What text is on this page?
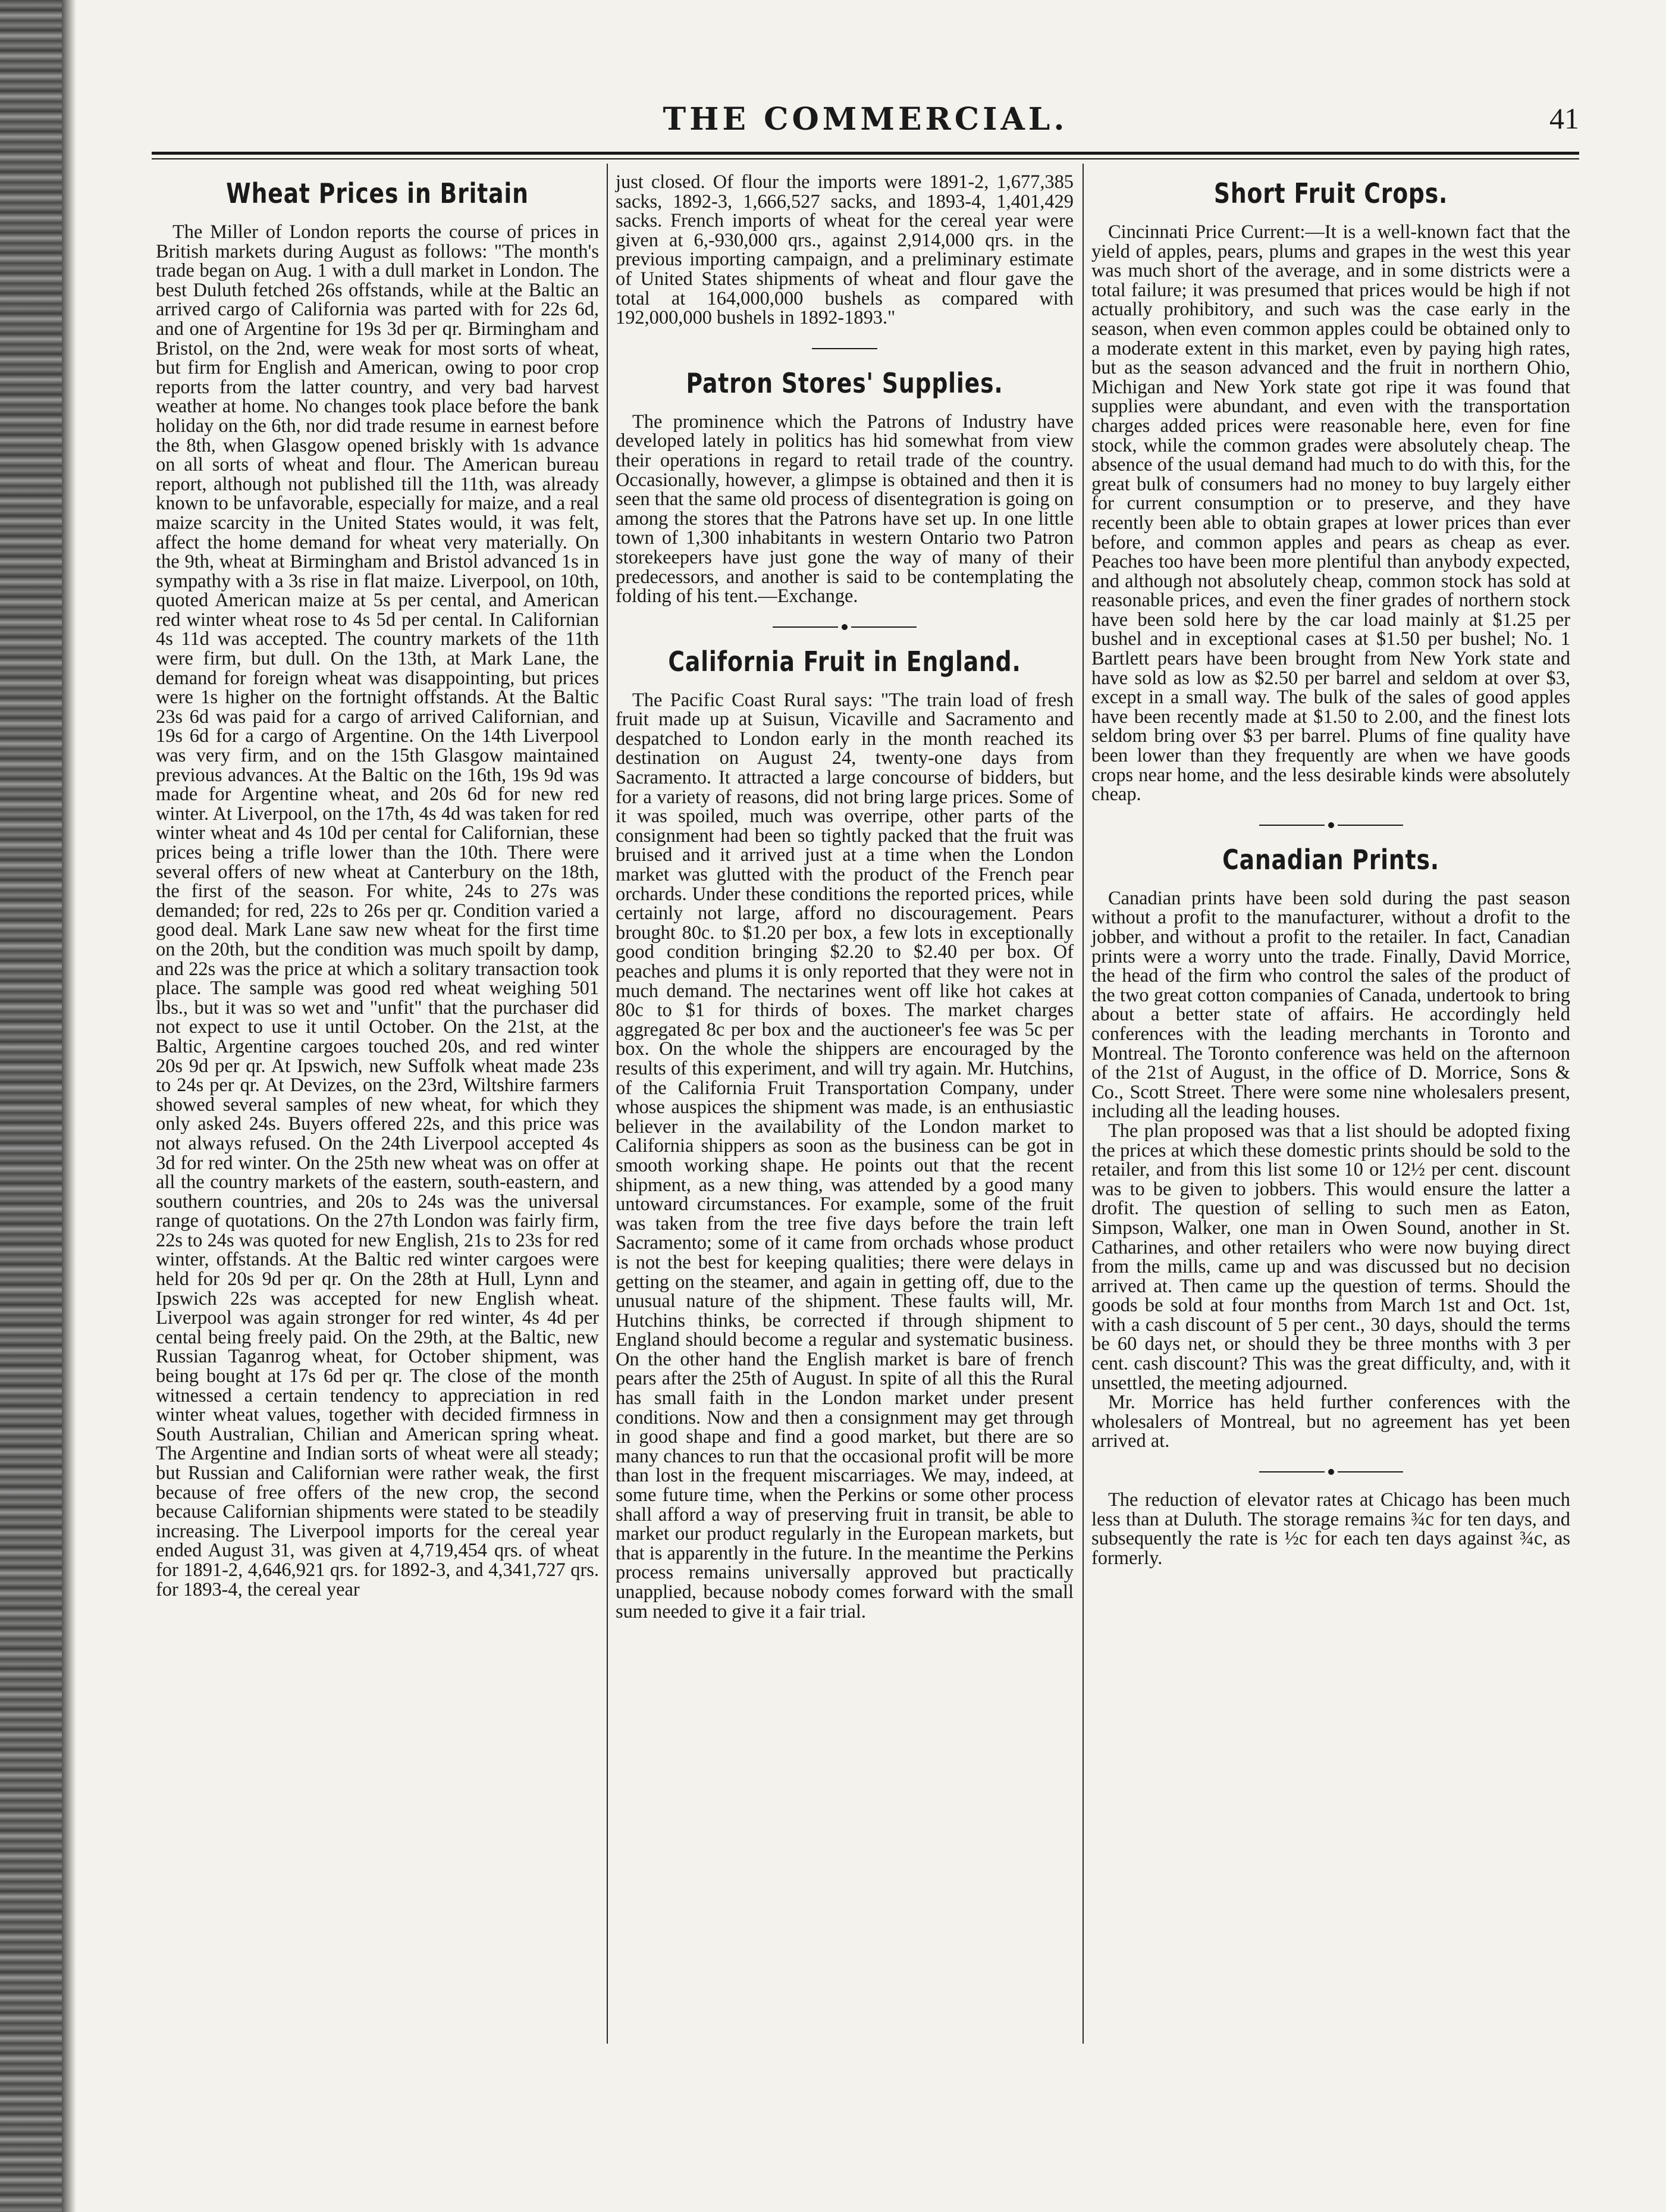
THE COMMERCIAL.	41
Wheat Prices in Britain

The Miller of London reports the course of prices in British markets during August as follows: "The month's trade began on Aug. 1 with a dull market in London. The best Duluth fetched 26s offstands, while at the Baltic an arrived cargo of California was parted with for 22s 6d, and one of Argentine for 19s 3d per qr. Birmingham and Bristol, on the 2nd, were weak for most sorts of wheat, but firm for English and American, owing to poor crop reports from the latter country, and very bad harvest weather at home. No changes took place before the bank holiday on the 6th, nor did trade resume in earnest before the 8th, when Glasgow opened briskly with 1s advance on all sorts of wheat and flour. The American bureau report, although not published till the 11th, was already known to be unfavorable, especially for maize, and a real maize scarcity in the United States would, it was felt, affect the home demand for wheat very materially. On the 9th, wheat at Birmingham and Bristol advanced 1s in sympathy with a 3s rise in flat maize. Liverpool, on 10th, quoted American maize at 5s per cental, and American red winter wheat rose to 4s 5d per cental. In Californian 4s 11d was accepted. The country markets of the 11th were firm, but dull. On the 13th, at Mark Lane, the demand for foreign wheat was disappointing, but prices were 1s higher on the fortnight offstands. At the Baltic 23s 6d was paid for a cargo of arrived Californian, and 19s 6d for a cargo of Argentine. On the 14th Liverpool was very firm, and on the 15th Glasgow maintained previous advances. At the Baltic on the 16th, 19s 9d was made for Argentine wheat, and 20s 6d for new red winter. At Liverpool, on the 17th, 4s 4d was taken for red winter wheat and 4s 10d per cental for Californian, these prices being a trifle lower than the 10th. There were several offers of new wheat at Canterbury on the 18th, the first of the season. For white, 24s to 27s was demanded; for red, 22s to 26s per qr. Condition varied a good deal. Mark Lane saw new wheat for the first time on the 20th, but the condition was much spoilt by damp, and 22s was the price at which a solitary transaction took place. The sample was good red wheat weighing 501 lbs., but it was so wet and "unfit" that the purchaser did not expect to use it until October. On the 21st, at the Baltic, Argentine cargoes touched 20s, and red winter 20s 9d per qr. At Ipswich, new Suffolk wheat made 23s to 24s per qr. At Devizes, on the 23rd, Wiltshire farmers showed several samples of new wheat, for which they only asked 24s. Buyers offered 22s, and this price was not always refused. On the 24th Liverpool accepted 4s 3d for red winter. On the 25th new wheat was on offer at all the country markets of the eastern, south-eastern, and southern countries, and 20s to 24s was the universal range of quotations. On the 27th London was fairly firm, 22s to 24s was quoted for new English, 21s to 23s for red winter, offstands. At the Baltic red winter cargoes were held for 20s 9d per qr. On the 28th at Hull, Lynn and Ipswich 22s was accepted for new English wheat. Liverpool was again stronger for red winter, 4s 4d per cental being freely paid. On the 29th, at the Baltic, new Russian Taganrog wheat, for October shipment, was being bought at 17s 6d per qr. The close of the month witnessed a certain tendency to appreciation in red winter wheat values, together with decided firmness in South Australian, Chilian and American spring wheat. The Argentine and Indian sorts of wheat were all steady; but Russian and Californian were rather weak, the first because of free offers of the new crop, the second because Californian shipments were stated to be steadily increasing. The Liverpool imports for the cereal year ended August 31, was given at 4,719,454 qrs. of wheat for 1891-2, 4,646,921 qrs. for 1892-3, and 4,341,727 qrs. for 1893-4, the cereal year

just closed. Of flour the imports were 1891-2, 1,677,385 sacks, 1892-3, 1,666,527 sacks, and 1893-4, 1,401,429 sacks. French imports of wheat for the cereal year were given at 6,-930,000 qrs., against 2,914,000 qrs. in the previous importing campaign, and a preliminary estimate of United States shipments of wheat and flour gave the total at 164,000,000 bushels as compared with 192,000,000 bushels in 1892-1893."

Patron Stores' Supplies.

The prominence which the Patrons of Industry have developed lately in politics has hid somewhat from view their operations in regard to retail trade of the country. Occasionally, however, a glimpse is obtained and then it is seen that the same old process of disentegration is going on among the stores that the Patrons have set up. In one little town of 1,300 inhabitants in western Ontario two Patron storekeepers have just gone the way of many of their predecessors, and another is said to be contemplating the folding of his tent.—Exchange.

California Fruit in England.

The Pacific Coast Rural says: "The train load of fresh fruit made up at Suisun, Vicaville and Sacramento and despatched to London early in the month reached its destination on August 24, twenty-one days from Sacramento. It attracted a large concourse of bidders, but for a variety of reasons, did not bring large prices. Some of it was spoiled, much was overripe, other parts of the consignment had been so tightly packed that the fruit was bruised and it arrived just at a time when the London market was glutted with the product of the French pear orchards. Under these conditions the reported prices, while certainly not large, afford no discouragement. Pears brought 80c. to $1.20 per box, a few lots in exceptionally good condition bringing $2.20 to $2.40 per box. Of peaches and plums it is only reported that they were not in much demand. The nectarines went off like hot cakes at 80c to $1 for thirds of boxes. The market charges aggregated 8c per box and the auctioneer's fee was 5c per box. On the whole the shippers are encouraged by the results of this experiment, and will try again. Mr. Hutchins, of the California Fruit Transportation Company, under whose auspices the shipment was made, is an enthusiastic believer in the availability of the London market to California shippers as soon as the business can be got in smooth working shape. He points out that the recent shipment, as a new thing, was attended by a good many untoward circumstances. For example, some of the fruit was taken from the tree five days before the train left Sacramento; some of it came from orchads whose product is not the best for keeping qualities; there were delays in getting on the steamer, and again in getting off, due to the unusual nature of the shipment. These faults will, Mr. Hutchins thinks, be corrected if through shipment to England should become a regular and systematic business. On the other hand the English market is bare of french pears after the 25th of August. In spite of all this the Rural has small faith in the London market under present conditions. Now and then a consignment may get through in good shape and find a good market, but there are so many chances to run that the occasional profit will be more than lost in the frequent miscarriages. We may, indeed, at some future time, when the Perkins or some other process shall afford a way of preserving fruit in transit, be able to market our product regularly in the European markets, but that is apparently in the future. In the meantime the Perkins process remains universally approved but practically unapplied, because nobody comes forward with the small sum needed to give it a fair trial.

Short Fruit Crops.

Cincinnati Price Current:—It is a well-known fact that the yield of apples, pears, plums and grapes in the west this year was much short of the average, and in some districts were a total failure; it was presumed that prices would be high if not actually prohibitory, and such was the case early in the season, when even common apples could be obtained only to a moderate extent in this market, even by paying high rates, but as the season advanced and the fruit in northern Ohio, Michigan and New York state got ripe it was found that supplies were abundant, and even with the transportation charges added prices were reasonable here, even for fine stock, while the common grades were absolutely cheap. The absence of the usual demand had much to do with this, for the great bulk of consumers had no money to buy largely either for current consumption or to preserve, and they have recently been able to obtain grapes at lower prices than ever before, and common apples and pears as cheap as ever. Peaches too have been more plentiful than anybody expected, and although not absolutely cheap, common stock has sold at reasonable prices, and even the finer grades of northern stock have been sold here by the car load mainly at $1.25 per bushel and in exceptional cases at $1.50 per bushel; No. 1 Bartlett pears have been brought from New York state and have sold as low as $2.50 per barrel and seldom at over $3, except in a small way. The bulk of the sales of good apples have been recently made at $1.50 to 2.00, and the finest lots seldom bring over $3 per barrel. Plums of fine quality have been lower than they frequently are when we have goods crops near home, and the less desirable kinds were absolutely cheap.

Canadian Prints.

Canadian prints have been sold during the past season without a profit to the manufacturer, without a drofit to the jobber, and without a profit to the retailer. In fact, Canadian prints were a worry unto the trade. Finally, David Morrice, the head of the firm who control the sales of the product of the two great cotton companies of Canada, undertook to bring about a better state of affairs. He accordingly held conferences with the leading merchants in Toronto and Montreal. The Toronto conference was held on the afternoon of the 21st of August, in the office of D. Morrice, Sons & Co., Scott Street. There were some nine wholesalers present, including all the leading houses.

The plan proposed was that a list should be adopted fixing the prices at which these domestic prints should be sold to the retailer, and from this list some 10 or 12½ per cent. discount was to be given to jobbers. This would ensure the latter a drofit. The question of selling to such men as Eaton, Simpson, Walker, one man in Owen Sound, another in St. Catharines, and other retailers who were now buying direct from the mills, came up and was discussed but no decision arrived at. Then came up the question of terms. Should the goods be sold at four months from March 1st and Oct. 1st, with a cash discount of 5 per cent., 30 days, should the terms be 60 days net, or should they be three months with 3 per cent. cash discount? This was the great difficulty, and, with it unsettled, the meeting adjourned.

Mr. Morrice has held further conferences with the wholesalers of Montreal, but no agreement has yet been arrived at.

The reduction of elevator rates at Chicago has been much less than at Duluth. The storage remains ¾c for ten days, and subsequently the rate is ½c for each ten days against ¾c, as formerly.
